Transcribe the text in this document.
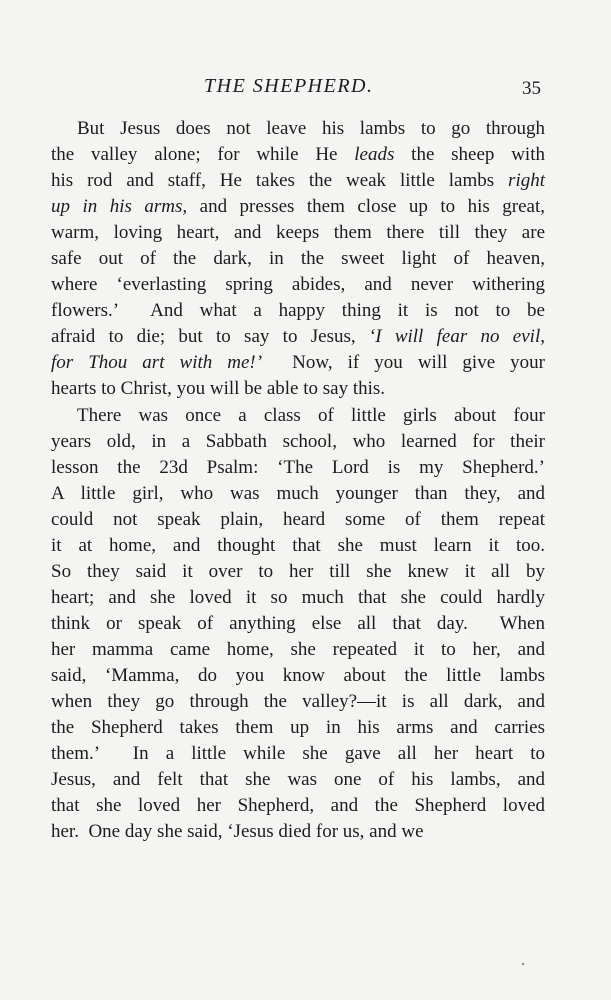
THE SHEPHERD.	35
But Jesus does not leave his lambs to go through
the valley alone; for while He leads the sheep with
his rod and staff, He takes the weak little lambs right
up in his arms, and presses them close up to his great,
warm, loving heart, and keeps them there till they are
safe out of the dark, in the sweet light of heaven,
where ‘everlasting spring abides, and never withering
flowers.’  And what a happy thing it is not to be
afraid to die; but to say to Jesus, ‘I will fear no evil,
for Thou art with me!’  Now, if you will give your
hearts to Christ, you will be able to say this.
There was once a class of little girls about four
years old, in a Sabbath school, who learned for their
lesson the 23d Psalm: ‘The Lord is my Shepherd.’
A little girl, who was much younger than they, and
could not speak plain, heard some of them repeat
it at home, and thought that she must learn it too.
So they said it over to her till she knew it all by
heart; and she loved it so much that she could hardly
think or speak of anything else all that day.  When
her mamma came home, she repeated it to her, and
said, ‘Mamma, do you know about the little lambs
when they go through the valley?—it is all dark, and
the Shepherd takes them up in his arms and carries
them.’  In a little while she gave all her heart to
Jesus, and felt that she was one of his lambs, and
that she loved her Shepherd, and the Shepherd loved
her.  One day she said, ‘Jesus died for us, and we
